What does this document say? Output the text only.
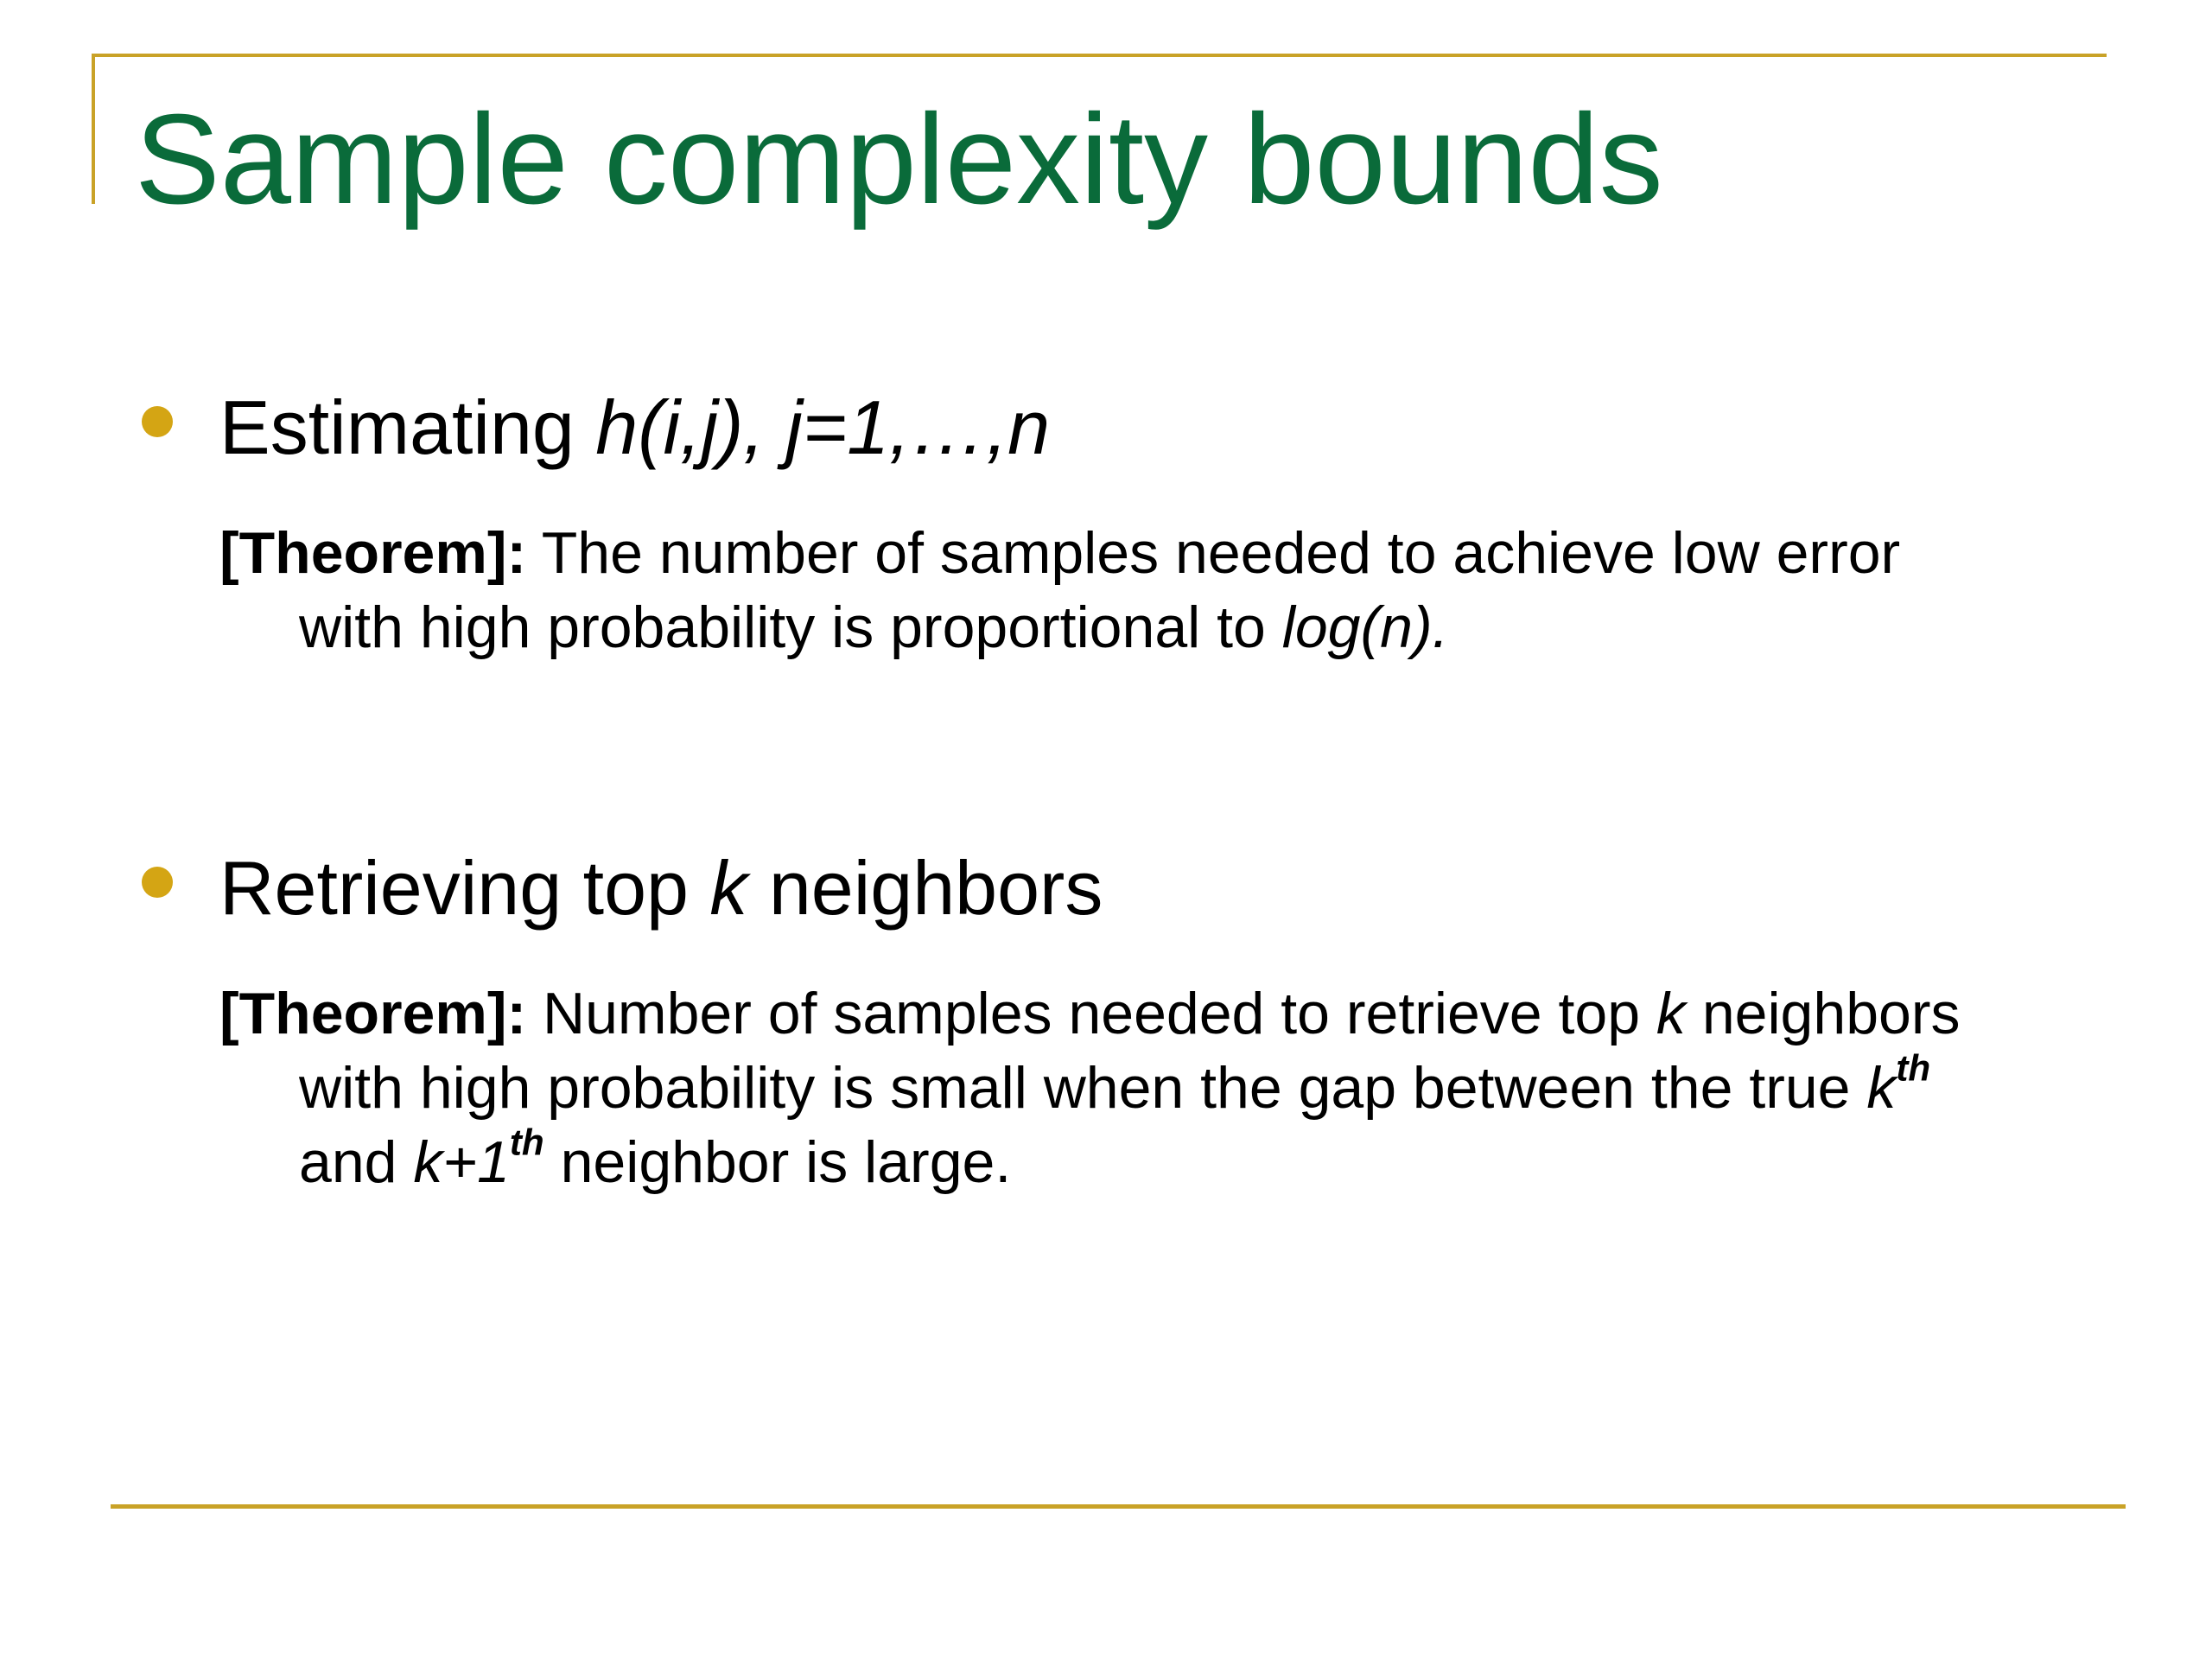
Sample complexity bounds
Estimating h(i,j), j=1,…,n
[Theorem]: The number of samples needed to achieve low error
with high probability is proportional to log(n).
Retrieving top k neighbors
[Theorem]: Number of samples needed to retrieve top k neighbors
with high probability is small when the gap between the true $k^{th}$
and k+1th neighbor is large.
